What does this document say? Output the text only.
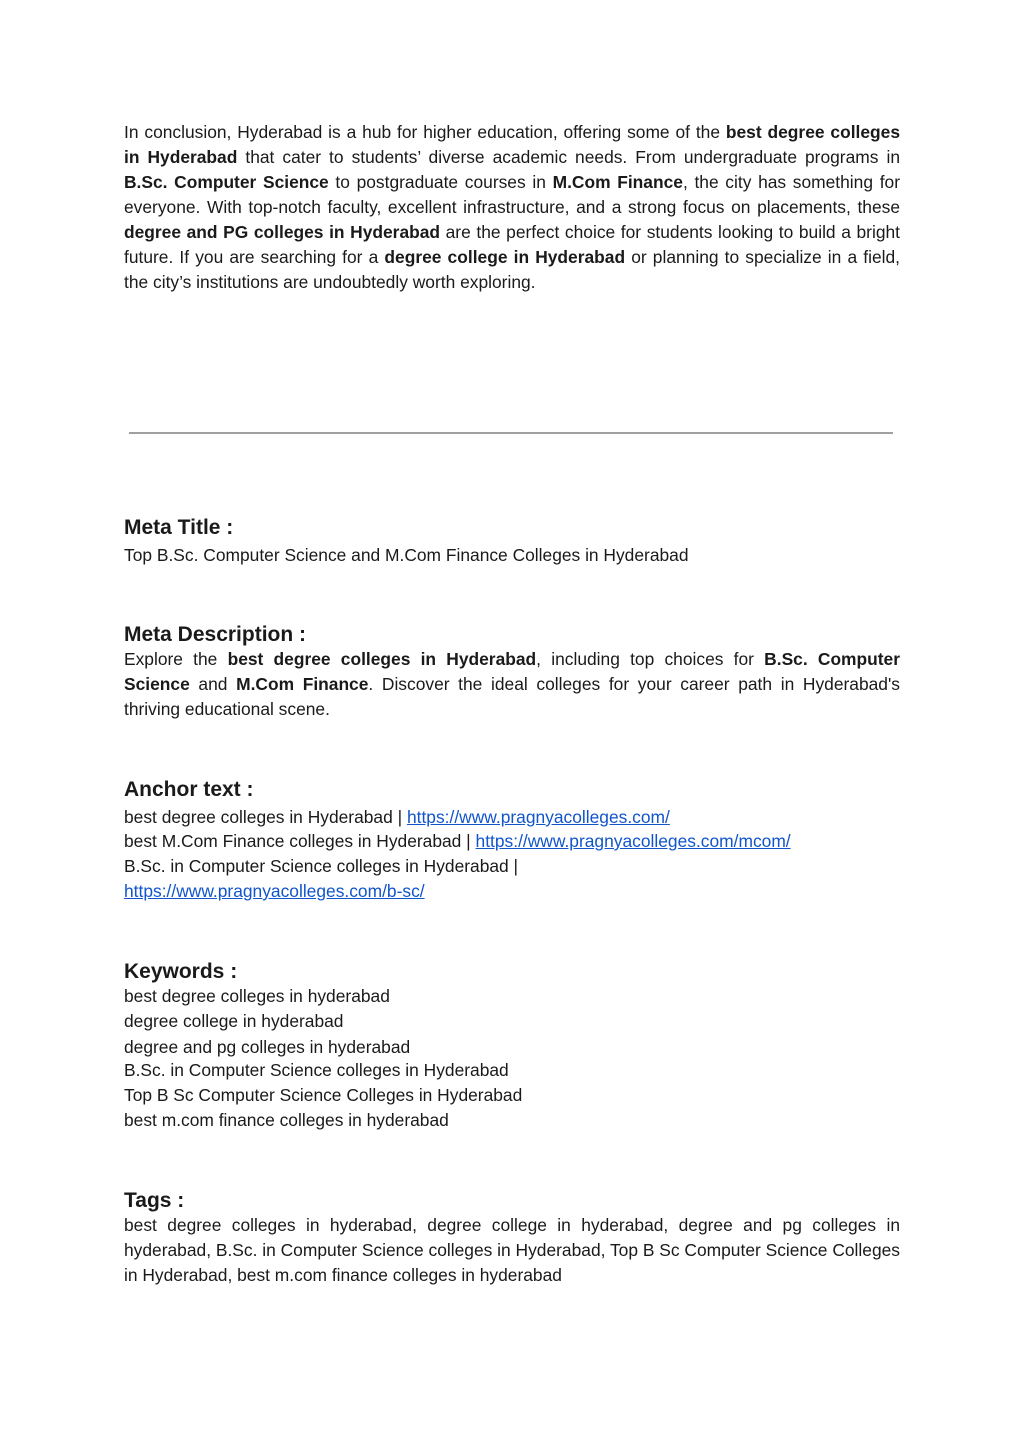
In conclusion, Hyderabad is a hub for higher education, offering some of the best degree colleges in Hyderabad that cater to students’ diverse academic needs. From undergraduate programs in B.Sc. Computer Science to postgraduate courses in M.Com Finance, the city has something for everyone. With top-notch faculty, excellent infrastructure, and a strong focus on placements, these degree and PG colleges in Hyderabad are the perfect choice for students looking to build a bright future. If you are searching for a degree college in Hyderabad or planning to specialize in a field, the city’s institutions are undoubtedly worth exploring.

Meta Title :

Top B.Sc. Computer Science and M.Com Finance Colleges in Hyderabad

Meta Description :

Explore the best degree colleges in Hyderabad, including top choices for B.Sc. Computer Science and M.Com Finance. Discover the ideal colleges for your career path in Hyderabad's thriving educational scene.

Anchor text :

best degree colleges in Hyderabad | https://www.pragnyacolleges.com/

best M.Com Finance colleges in Hyderabad | https://www.pragnyacolleges.com/mcom/

B.Sc. in Computer Science colleges in Hyderabad |

https://www.pragnyacolleges.com/b-sc/

Keywords :

best degree colleges in hyderabad

degree college in hyderabad

degree and pg colleges in hyderabad

B.Sc. in Computer Science colleges in Hyderabad

Top B Sc Computer Science Colleges in Hyderabad

best m.com finance colleges in hyderabad

Tags :

best degree colleges in hyderabad, degree college in hyderabad, degree and pg colleges in hyderabad, B.Sc. in Computer Science colleges in Hyderabad, Top B Sc Computer Science Colleges in Hyderabad, best m.com finance colleges in hyderabad
